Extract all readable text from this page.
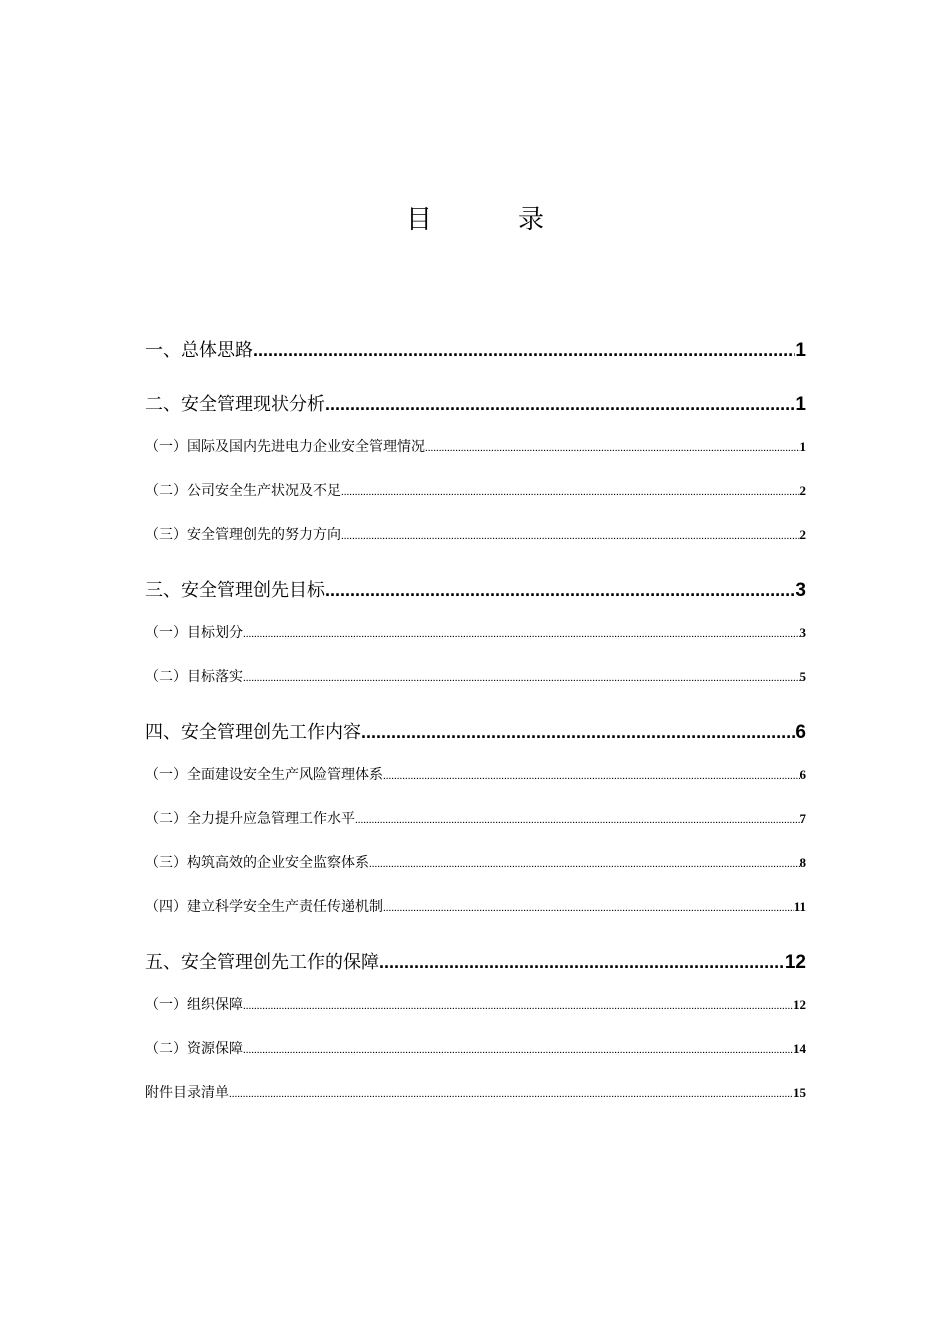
目　录
一、总体思路 .....	1
二、安全管理现状分析 .....	1
（一）国际及国内先进电力企业安全管理情况 .....	1
（二）公司安全生产状况及不足 .....	2
（三）安全管理创先的努力方向 .....	2
三、安全管理创先目标 .....	3
（一）目标划分 .....	3
（二）目标落实 .....	5
四、安全管理创先工作内容 .....	6
（一）全面建设安全生产风险管理体系 .....	6
（二）全力提升应急管理工作水平 .....	7
（三）构筑高效的企业安全监察体系 .....	8
（四）建立科学安全生产责任传递机制 .....	11
五、安全管理创先工作的保障 .....	12
（一）组织保障 .....	12
（二）资源保障 .....	14
附件目录清单 .....	15
